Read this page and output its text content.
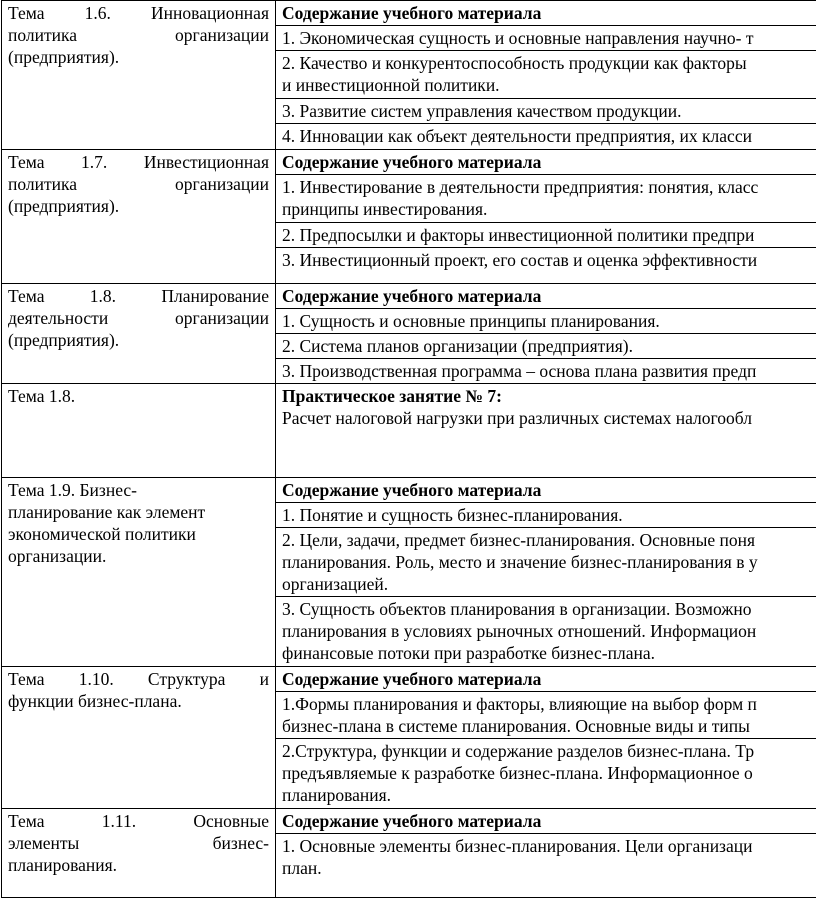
Тема 1.6. Инновационная
политика организации
(предприятия).	Содержание учебного материала

	1. Экономическая сущность и основные направления научно- т

	2. Качество и конкурентоспособность продукции как факторы
и инвестиционной политики.

	3. Развитие систем управления качеством продукции.

	4. Инновации как объект деятельности предприятия, их класси

Тема 1.7. Инвестиционная
политика организации
(предприятия).	Содержание учебного материала

	1. Инвестирование в деятельности предприятия: понятия, класс
принципы инвестирования.

	2. Предпосылки и факторы инвестиционной политики предпри

	3. Инвестиционный проект, его состав и оценка эффективности

Тема 1.8. Планирование
деятельности организации
(предприятия).	Содержание учебного материала

	1. Сущность и основные принципы планирования.

	2. Система планов организации (предприятия).

	3. Производственная программа – основа плана развития предп

Тема 1.8.	Практическое занятие № 7:
Расчет налоговой нагрузки при различных системах налогообл

Тема 1.9. Бизнес-
планирование как элемент
экономической политики
организации.	Содержание учебного материала

	1. Понятие и сущность бизнес-планирования.

	2. Цели, задачи, предмет бизнес-планирования. Основные поня
планирования. Роль, место и значение бизнес-планирования в у
организацией.

	3. Сущность объектов планирования в организации. Возможно
планирования в условиях рыночных отношений. Информацион
финансовые потоки при разработке бизнес-плана.

Тема 1.10. Структура и
функции бизнес-плана.	Содержание учебного материала

	1.Формы планирования и факторы, влияющие на выбор форм п
бизнес-плана в системе планирования. Основные виды и типы

	2.Структура, функции и содержание разделов бизнес-плана. Тр
предъявляемые к разработке бизнес-плана. Информационное о
планирования.

Тема 1.11. Основные
элементы бизнес-
планирования.	Содержание учебного материала

	1. Основные элементы бизнес-планирования. Цели организаци
план.
